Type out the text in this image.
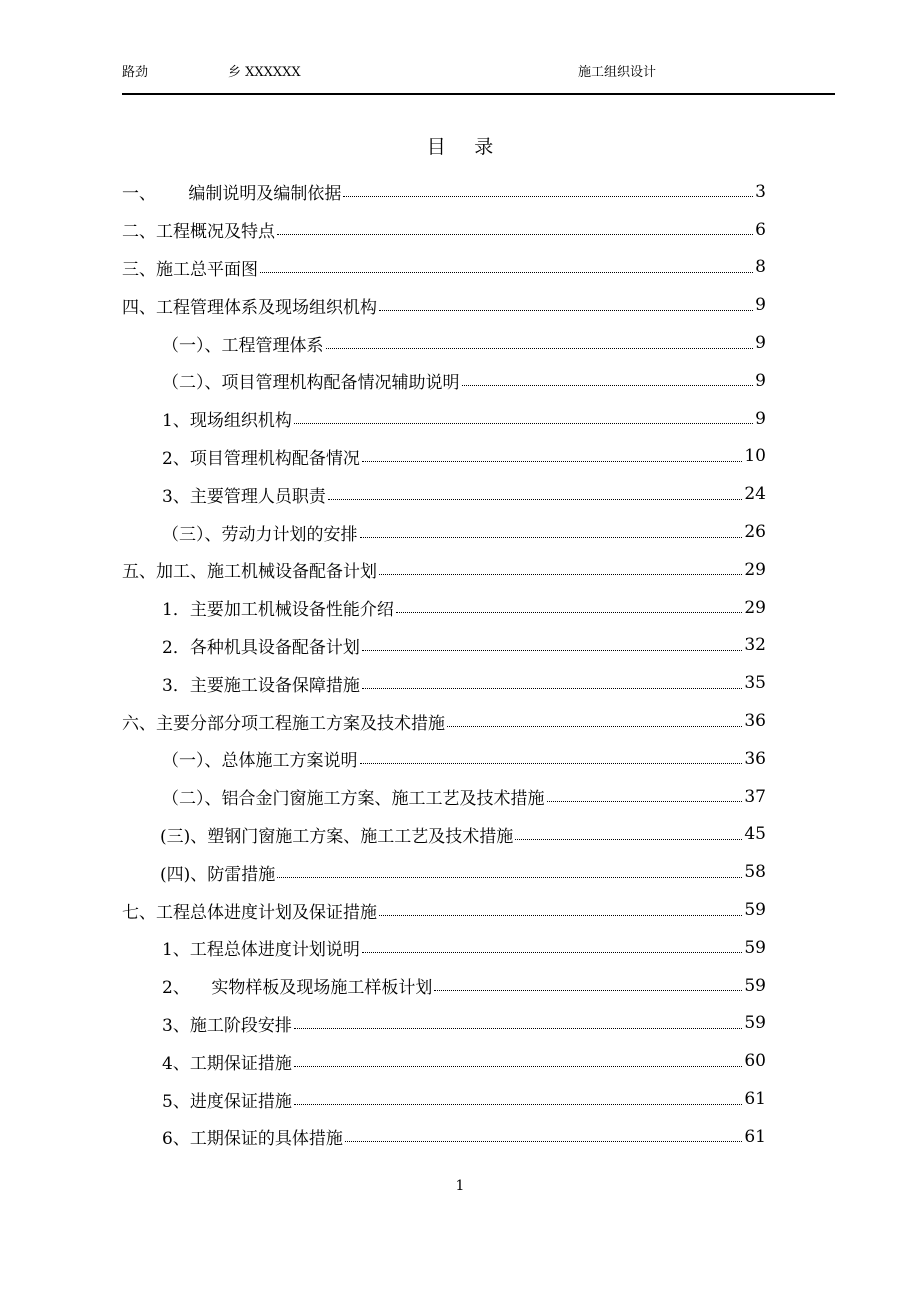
路劲	乡 XXXXXX	施工组织设计
目录
一、      编制说明及编制依据	3
二、工程概况及特点	6
三、施工总平面图	8
四、工程管理体系及现场组织机构	9
（一）、工程管理体系	9
（二）、项目管理机构配备情况辅助说明	9
1、现场组织机构	9
2、项目管理机构配备情况	10
3、主要管理人员职责	24
（三）、劳动力计划的安排	26
五、加工、施工机械设备配备计划	29
1．主要加工机械设备性能介绍	29
2．各种机具设备配备计划	32
3．主要施工设备保障措施	35
六、主要分部分项工程施工方案及技术措施	36
（一）、总体施工方案说明	36
（二）、铝合金门窗施工方案、施工工艺及技术措施	37
(三)、塑钢门窗施工方案、施工工艺及技术措施	45
(四)、防雷措施	58
七、工程总体进度计划及保证措施	59
1、工程总体进度计划说明	59
2、    实物样板及现场施工样板计划	59
3、施工阶段安排	59
4、工期保证措施	60
5、进度保证措施	61
6、工期保证的具体措施	61
1
